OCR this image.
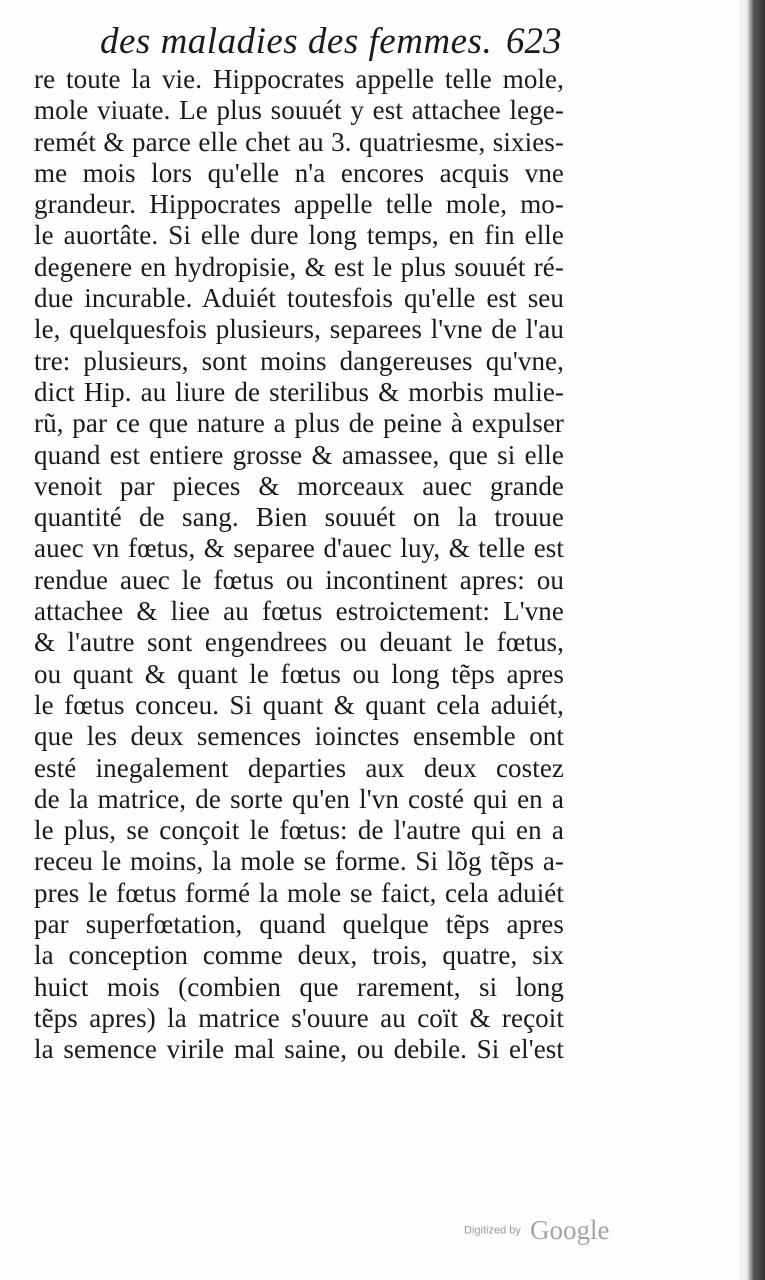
des maladies des femmes. 623
re toute la vie. Hippocrates appelle telle mole,
mole viuate. Le plus souuét y est attachee lege-
remét & parce elle chet au 3. quatriesme, sixies-
me mois lors qu'elle n'a encores acquis vne
grandeur. Hippocrates appelle telle mole, mo-
le auortâte. Si elle dure long temps, en fin elle
degenere en hydropisie, & est le plus souuét ré-
due incurable. Aduiét toutesfois qu'elle est seu
le, quelquesfois plusieurs, separees l'vne de l'au
tre: plusieurs, sont moins dangereuses qu'vne,
dict Hip. au liure de sterilibus & morbis mulie-
rũ, par ce que nature a plus de peine à expulser
quand est entiere grosse & amassee, que si elle
venoit par pieces & morceaux auec grande
quantité de sang. Bien souuét on la trouue
auec vn fœtus, & separee d'auec luy, & telle est
rendue auec le fœtus ou incontinent apres: ou
attachee & liee au fœtus estroictement: L'vne
& l'autre sont engendrees ou deuant le fœtus,
ou quant & quant le fœtus ou long tẽps apres
le fœtus conceu. Si quant & quant cela aduiét,
que les deux semences ioinctes ensemble ont
esté inegalement departies aux deux costez
de la matrice, de sorte qu'en l'vn costé qui en a
le plus, se conçoit le fœtus: de l'autre qui en a
receu le moins, la mole se forme. Si lõg tẽps a-
pres le fœtus formé la mole se faict, cela aduiét
par superfœtation, quand quelque tẽps apres
la conception comme deux, trois, quatre, six
huict mois (combien que rarement, si long
tẽps apres) la matrice s'ouure au coït & reçoit
la semence virile mal saine, ou debile. Si el'est
Digitized by Google
